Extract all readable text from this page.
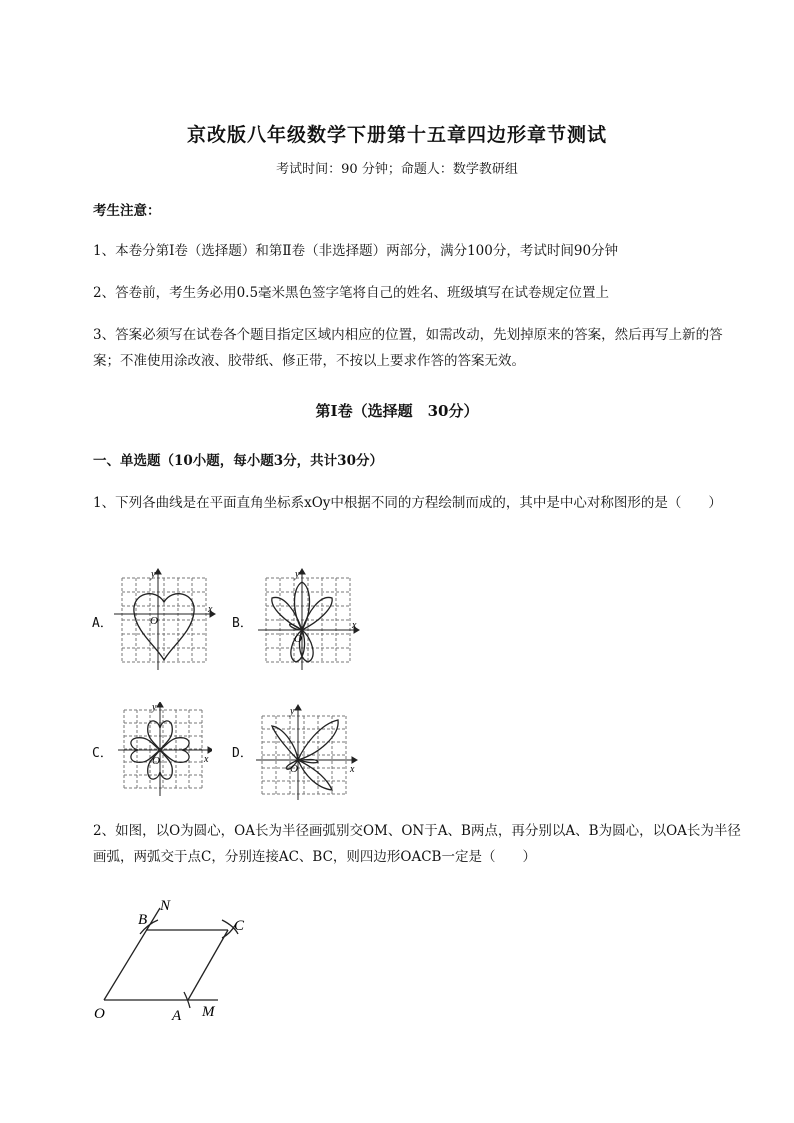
京改版八年级数学下册第十五章四边形章节测试
考试时间：90 分钟；命题人：数学教研组
考生注意：
1、本卷分第Ⅰ卷（选择题）和第Ⅱ卷（非选择题）两部分，满分100分，考试时间90分钟
2、答卷前，考生务必用0.5毫米黑色签字笔将自己的姓名、班级填写在试卷规定位置上
3、答案必须写在试卷各个题目指定区域内相应的位置，如需改动，先划掉原来的答案，然后再写上新的答案；不准使用涂改液、胶带纸、修正带，不按以上要求作答的答案无效。
第Ⅰ卷（选择题　30分）
一、单选题（10小题，每小题3分，共计30分）
1、下列各曲线是在平面直角坐标系xOy中根据不同的方程绘制而成的，其中是中心对称图形的是（　　）
A．	O
x
y
B．
O
x
y
C．	O	x
y
D．
O	x
y
2、如图，以O为圆心，OA长为半径画弧别交OM、ON于A、B两点，再分别以A、B为圆心，以OA长为半径画弧，两弧交于点C，分别连接AC、BC，则四边形OACB一定是（　　）
N
B	C
O	A M
